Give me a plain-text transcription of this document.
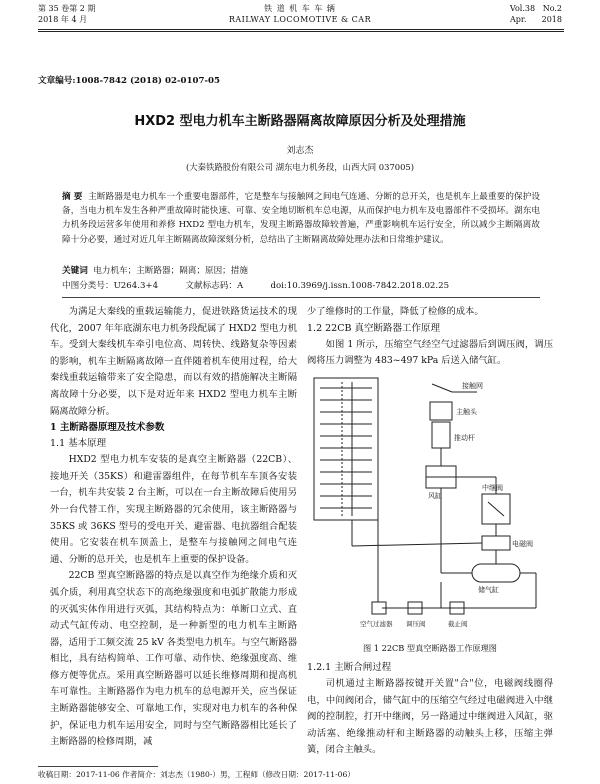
第 35 卷第 2 期
2018 年 4 月
铁 道 机 车 车 辆
RAILWAY LOCOMOTIVE & CAR
Vol.38   No.2
Apr.      2018
文章编号:1008-7842 (2018) 02-0107-05
HXD2 型电力机车主断路器隔离故障原因分析及处理措施
刘志杰
(大秦铁路股份有限公司 湖东电力机务段，山西大同 037005)
摘 要 主断路器是电力机车一个重要电器部件，它是整车与接触网之间电气连通、分断的总开关，也是机车上最重要的保护设备，当电力机车发生各种严重故障时能快速、可靠、安全地切断机车总电源，从而保护电力机车及电器部件不受损坏。湖东电力机务段运营多年使用和养修 HXD2 型电力机车，发现主断路器故障较普遍，严重影响机车运行安全，所以减少主断隔离故障十分必要，通过对近几年主断隔离故障深刻分析，总结出了主断隔离故障处理办法和日常维护建议。
关键词 电力机车；主断路器；隔离；原因；措施
中图分类号：U264.3+4          文献标志码：A          doi:10.3969/j.issn.1008-7842.2018.02.25

为满足大秦线的重载运输能力，促进铁路货运技术的现代化，2007 年年底湖东电力机务段配属了 HXD2 型电力机车。受到大秦线机车牵引电位高、周转快、线路复杂等因素的影响，机车主断隔离故障一直伴随着机车使用过程，给大秦线重载运输带来了安全隐患，而以有效的措施解决主断隔离故障十分必要，以下是对近年来 HXD2 型电力机车主断隔离故障分析。

1 主断路器原理及技术参数
1.1 基本原理

HXD2 型电力机车安装的是真空主断路器（22CB）、接地开关（35KS）和避雷器组件，在每节机车车顶各安装一台，机车共安装 2 台主断，可以在一台主断故障后使用另外一台代替工作，实现主断路器的冗余使用，该主断路器与 35KS 或 36KS 型号的受电开关、避雷器、电抗器组合配装使用。它安装在机车顶盖上，是整车与接触网之间电气连通、分断的总开关，也是机车上重要的保护设备。

22CB 型真空断路器的特点是以真空作为绝缘介质和灭弧介质，利用真空状态下的高绝缘强度和电弧扩散能力形成的灭弧实体作用进行灭弧，其结构特点为：单断口立式、直动式气缸传动、电空控制，是一种新型的电力机车主断路器，适用于工频交流 25 kV 各类型电力机车。与空气断路器相比，具有结构简单、工作可靠、动作快、绝缘强度高、维修方便等优点。采用真空断路器可以延长维修周期和提高机车可靠性。主断路器作为电力机车的总电源开关，应当保证主断路器能够安全、可靠地工作，实现对电力机车的各种保护，保证电力机车运用安全，同时与空气断路器相比延长了主断路器的检修周期，减

少了维修时的工作量，降低了检修的成本。

1.2 22CB 真空断路器工作原理

如图 1 所示，压缩空气经空气过滤器后到调压阀，调压阀将压力调整为 483~497 kPa 后送入储气缸。

接触网
主触头
推动杆
风缸
中继阀
电磁阀
储气缸
空气过滤器 调压阀	截止阀
图 1 22CB 型真空断路器工作原理图
1.2.1 主断合闸过程

司机通过主断路器按键开关置"合"位，电磁阀线圈得电，中间阀闭合，储气缸中的压缩空气经过电磁阀进入中继阀的控制腔，打开中继阀，另一路通过中继阀进入风缸，驱动活塞、绝缘推动杆和主断路器的动触头上移，压缩主弹簧，闭合主触头。

收稿日期：2017-11-06 作者简介：刘志杰（1980-）男，工程师（修改日期：2017-11-06）
